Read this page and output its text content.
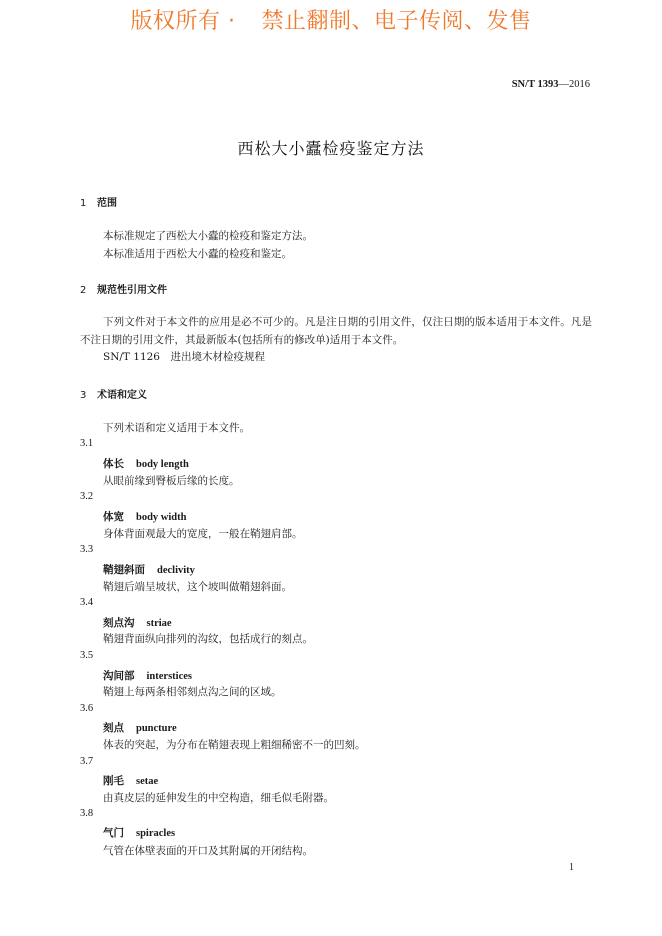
版权所有 · 禁止翻制、电子传阅、发售
SN/T 1393—2016
西松大小蠹检疫鉴定方法
1 范围
本标准规定了西松大小蠹的检疫和鉴定方法。
本标准适用于西松大小蠹的检疫和鉴定。
2 规范性引用文件
下列文件对于本文件的应用是必不可少的。凡是注日期的引用文件，仅注日期的版本适用于本文件。凡是不注日期的引用文件，其最新版本(包括所有的修改单)适用于本文件。
SN/T 1126　进出境木材检疫规程
3 术语和定义
下列术语和定义适用于本文件。
3.1
体长 body length
从眼前缘到臀板后缘的长度。
3.2
体宽 body width
身体背面观最大的宽度，一般在鞘翅肩部。
3.3
鞘翅斜面 declivity
鞘翅后端呈坡状，这个坡叫做鞘翅斜面。
3.4
刻点沟 striae
鞘翅背面纵向排列的沟纹，包括成行的刻点。
3.5
沟间部 interstices
鞘翅上每两条相邻刻点沟之间的区域。
3.6
刻点 puncture
体表的突起，为分布在鞘翅表现上粗细稀密不一的凹刻。
3.7
刚毛 setae
由真皮层的延伸发生的中空构造，细毛似毛附器。
3.8
气门 spiracles
气管在体壁表面的开口及其附属的开闭结构。
1
